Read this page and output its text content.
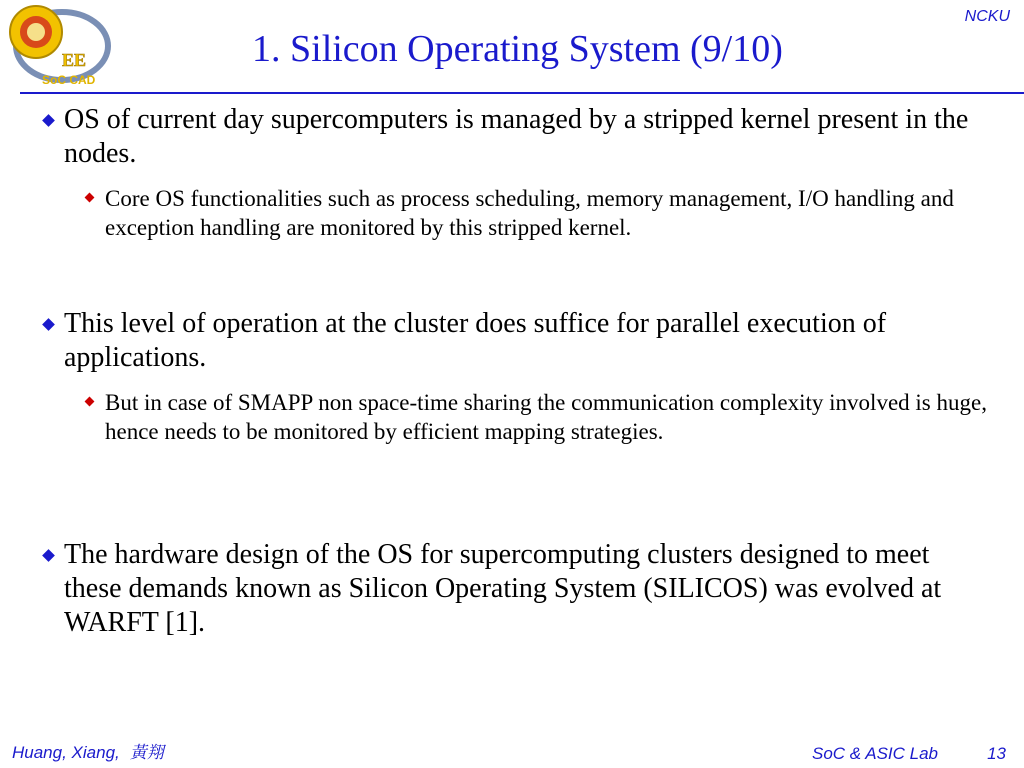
EE
SoC CAD
NCKU
1. Silicon Operating System (9/10)
OS of current day supercomputers is managed by a stripped kernel present in the nodes.
Core OS functionalities such as process scheduling, memory management, I/O handling and exception handling are monitored by this stripped kernel.
This level of operation at the cluster does suffice for parallel execution of applications.
But in case of SMAPP non space-time sharing the communication complexity involved is huge, hence needs to be monitored by efficient mapping strategies.
The hardware design of the OS for supercomputing clusters designed to meet these demands known as Silicon Operating System (SILICOS) was evolved at WARFT [1].
Huang, Xiang, 黃翔	SoC & ASIC Lab	13
